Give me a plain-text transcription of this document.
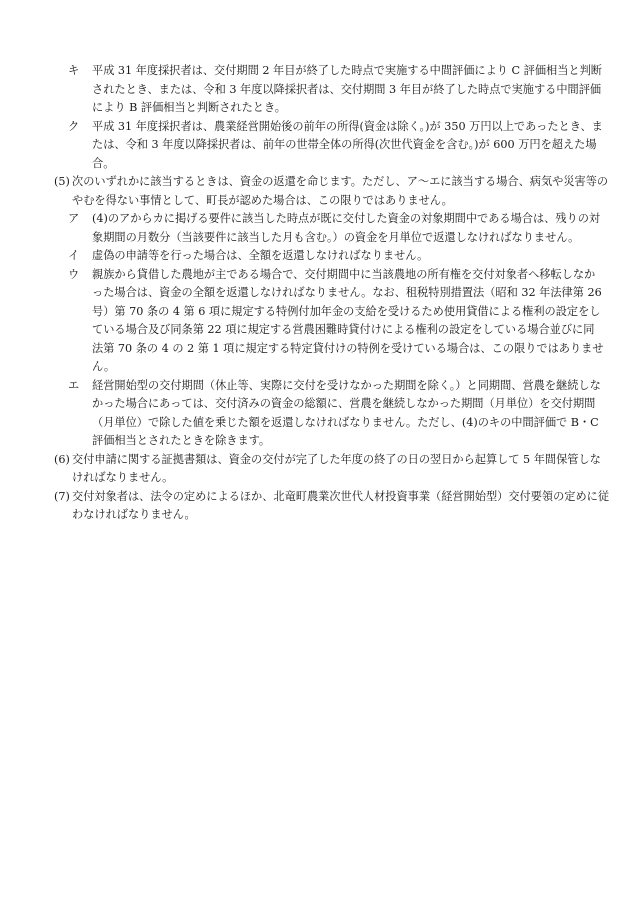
キ 平成 31 年度採択者は、交付期間 2 年目が終了した時点で実施する中間評価により C 評価相当と判断されたとき、または、令和 3 年度以降採択者は、交付期間 3 年目が終了した時点で実施する中間評価により B 評価相当と判断されたとき。

ク 平成 31 年度採択者は、農業経営開始後の前年の所得(資金は除く。)が 350 万円以上であったとき、または、令和 3 年度以降採択者は、前年の世帯全体の所得(次世代資金を含む。)が 600 万円を超えた場合。

(5) 次のいずれかに該当するときは、資金の返還を命じます。ただし、ア～エに該当する場合、病気や災害等のやむを得ない事情として、町長が認めた場合は、この限りではありません。

ア (4)のアからカに掲げる要件に該当した時点が既に交付した資金の対象期間中である場合は、残りの対象期間の月数分（当該要件に該当した月も含む。）の資金を月単位で返還しなければなりません。

イ 虚偽の申請等を行った場合は、全額を返還しなければなりません。

ウ 親族から貸借した農地が主である場合で、交付期間中に当該農地の所有権を交付対象者へ移転しなかった場合は、資金の全額を返還しなければなりません。なお、租税特別措置法（昭和 32 年法律第 26 号）第 70 条の 4 第 6 項に規定する特例付加年金の支給を受けるため使用貸借による権利の設定をしている場合及び同条第 22 項に規定する営農困難時貸付けによる権利の設定をしている場合並びに同法第 70 条の 4 の 2 第 1 項に規定する特定貸付けの特例を受けている場合は、この限りではありません。

エ 経営開始型の交付期間（休止等、実際に交付を受けなかった期間を除く。）と同期間、営農を継続しなかった場合にあっては、交付済みの資金の総額に、営農を継続しなかった期間（月単位）を交付期間（月単位）で除した値を乗じた額を返還しなければなりません。ただし、(4)のキの中間評価で B・C 評価相当とされたときを除きます。

(6) 交付申請に関する証拠書類は、資金の交付が完了した年度の終了の日の翌日から起算して 5 年間保管しなければなりません。

(7) 交付対象者は、法令の定めによるほか、北竜町農業次世代人材投資事業（経営開始型）交付要領の定めに従わなければなりません。
